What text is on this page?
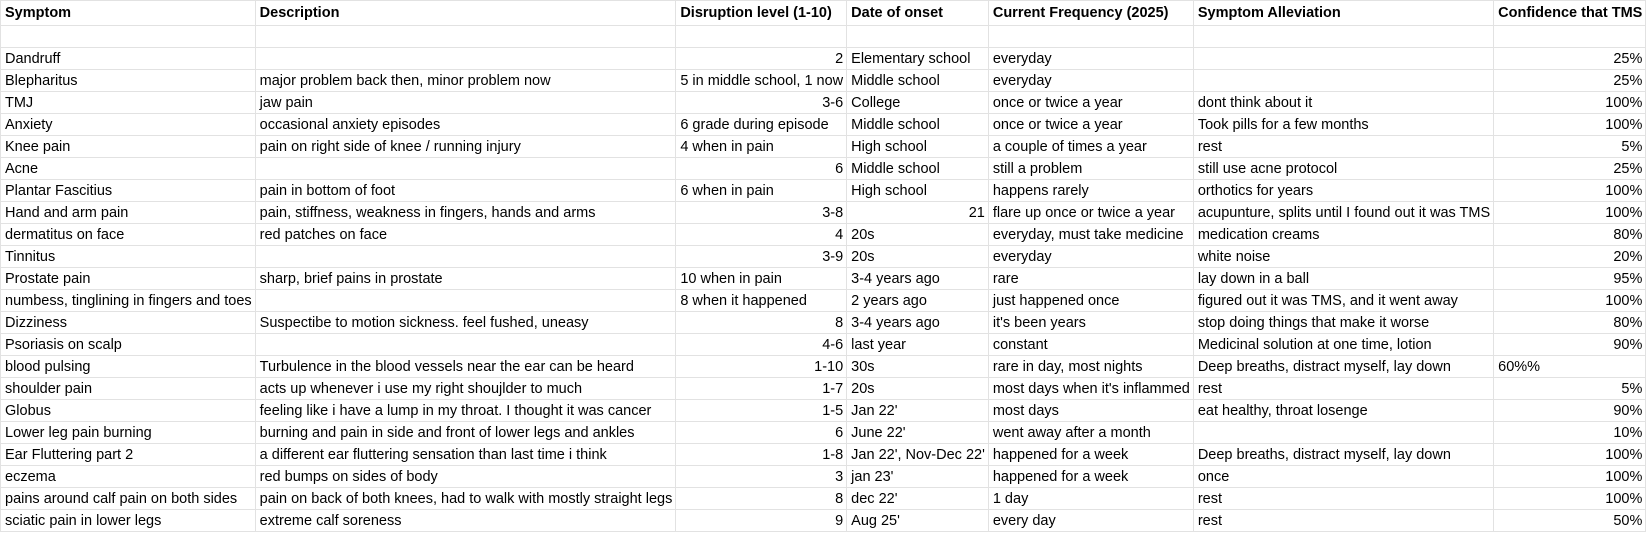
Symptom	Description	Disruption level (1-10)	Date of onset	Current Frequency (2025)	Symptom Alleviation	Confidence that TMS

Dandruff		2	Elementary school	everyday		25%
Blepharitus	major problem back then, minor problem now	5 in middle school, 1 now	Middle school	everyday		25%
TMJ	jaw pain	3-6	College	once or twice a year	dont think about it	100%
Anxiety	occasional anxiety episodes	6 grade during episode	Middle school	once or twice a year	Took pills for a few months	100%
Knee pain	pain on right side of knee / running injury	4 when in pain	High school	a couple of times a year	rest	5%
Acne		6	Middle school	still a problem	still use acne protocol	25%
Plantar Fascitius	pain in bottom of foot	6 when in pain	High school	happens rarely	orthotics for years	100%
Hand and arm pain	pain, stiffness, weakness in fingers, hands and arms	3-8	21	flare up once or twice a year	acupunture, splits until I found out it was TMS	100%
dermatitus on face	red patches on face	4	20s	everyday, must take medicine	medication creams	80%
Tinnitus		3-9	20s	everyday	white noise	20%
Prostate pain	sharp, brief pains in prostate	10 when in pain	3-4 years ago	rare	lay down in a ball	95%
numbess, tinglining in fingers and toes		8 when it happened	2 years ago	just happened once	figured out it was TMS, and it went away	100%
Dizziness	Suspectibe to motion sickness. feel fushed, uneasy	8	3-4 years ago	it's been years	stop doing things that make it worse	80%
Psoriasis on scalp		4-6	last year	constant	Medicinal solution at one time, lotion	90%
blood pulsing	Turbulence in the blood vessels near the ear can be heard	1-10	30s	rare in day, most nights	Deep breaths, distract myself, lay down	60%%
shoulder pain	acts up whenever i use my right shoujlder to much	1-7	20s	most days when it's inflammed	rest	5%
Globus	feeling like i have a lump in my throat. I thought it was cancer	1-5	Jan 22'	most days	eat healthy, throat losenge	90%
Lower leg pain burning	burning and pain in side and front of lower legs and ankles	6	June 22'	went away after a month		10%
Ear Fluttering part 2	a different ear fluttering sensation than last time i think	1-8	Jan 22', Nov-Dec 22'	happened for a week	Deep breaths, distract myself, lay down	100%
eczema	red bumps on sides of body	3	jan 23'	happened for a week	once	100%
pains around calf pain on both sides	pain on back of both knees, had to walk with mostly straight legs	8	dec 22'	1 day	rest	100%
sciatic pain in lower legs	extreme calf soreness	9	Aug 25'	every day	rest	50%
